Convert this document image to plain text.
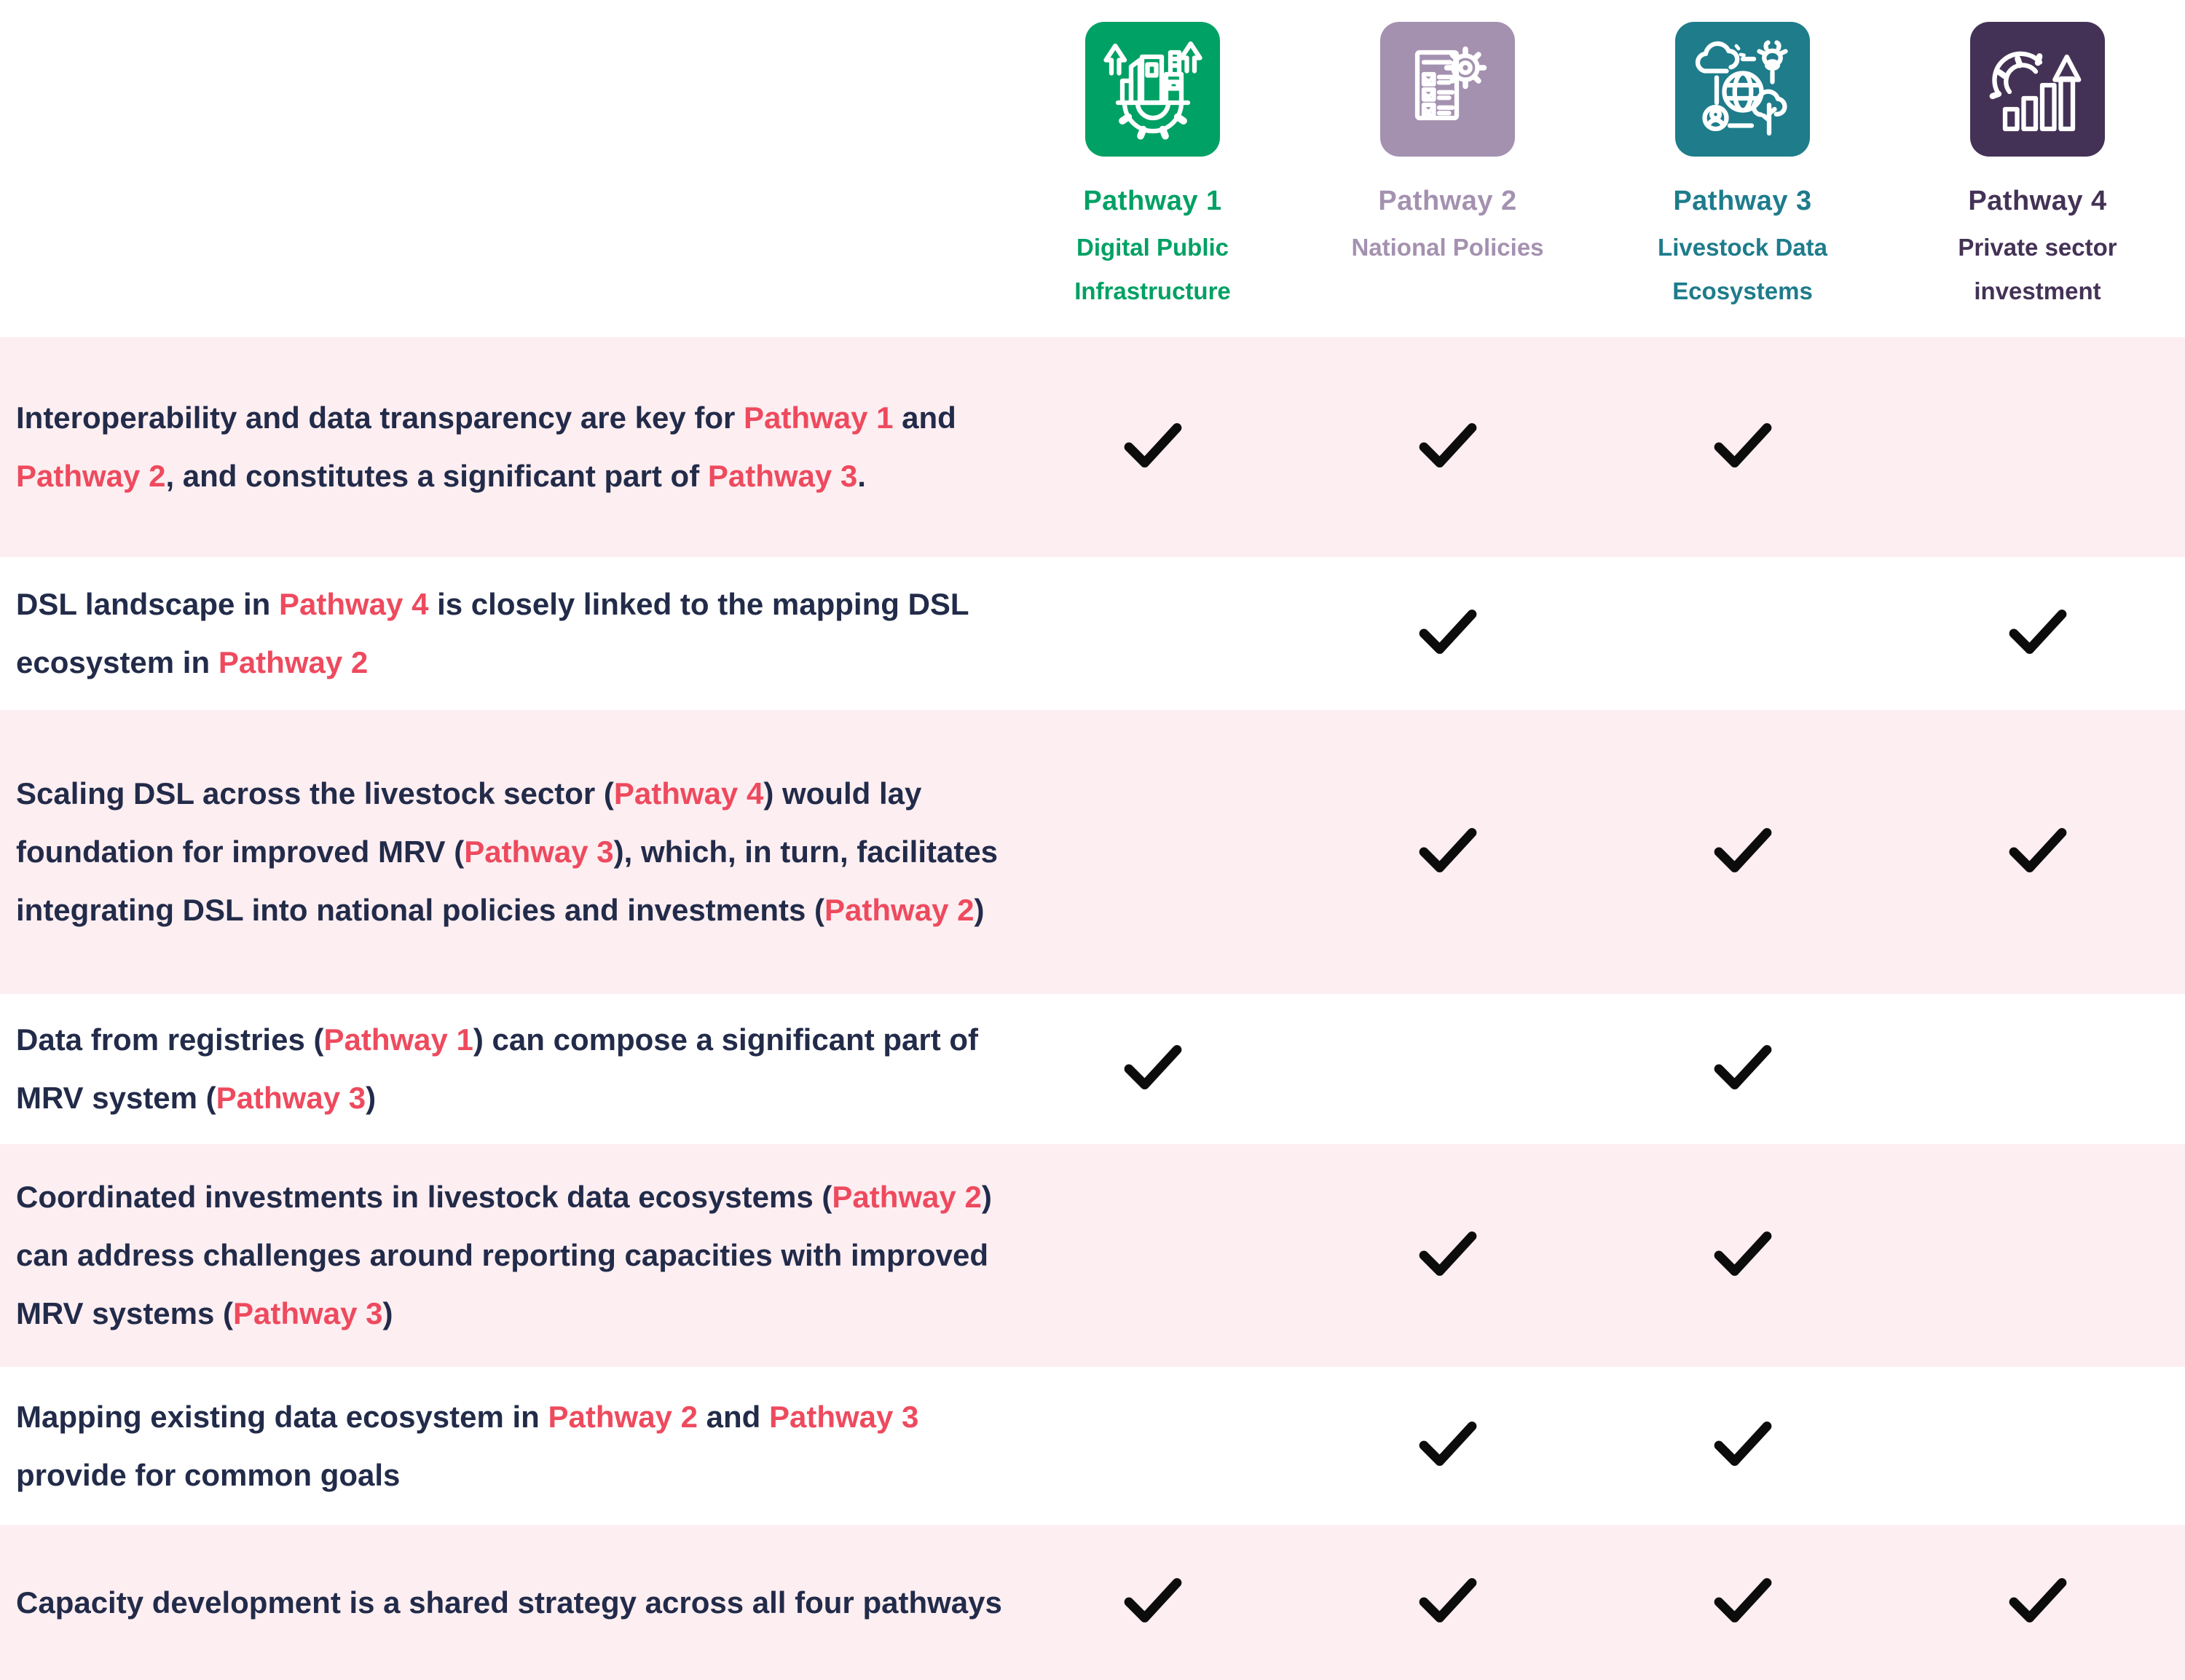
Pathway 1
Digital Public
Infrastructure
Pathway 2
National Policies
Pathway 3
Livestock Data
Ecosystems
Pathway 4
Private sector
investment

Interoperability and data transparency are key for Pathway 1 and Pathway 2, and constitutes a significant part of Pathway 3.

DSL landscape in Pathway 4 is closely linked to the mapping DSL ecosystem in Pathway 2

Scaling DSL across the livestock sector (Pathway 4) would lay foundation for improved MRV (Pathway 3), which, in turn, facilitates integrating DSL into national policies and investments (Pathway 2)

Data from registries (Pathway 1) can compose a significant part of MRV system (Pathway 3)

Coordinated investments in livestock data ecosystems (Pathway 2) can address challenges around reporting capacities with improved MRV systems (Pathway 3)

Mapping existing data ecosystem in Pathway 2 and Pathway 3 provide for common goals

Capacity development is a shared strategy across all four pathways
